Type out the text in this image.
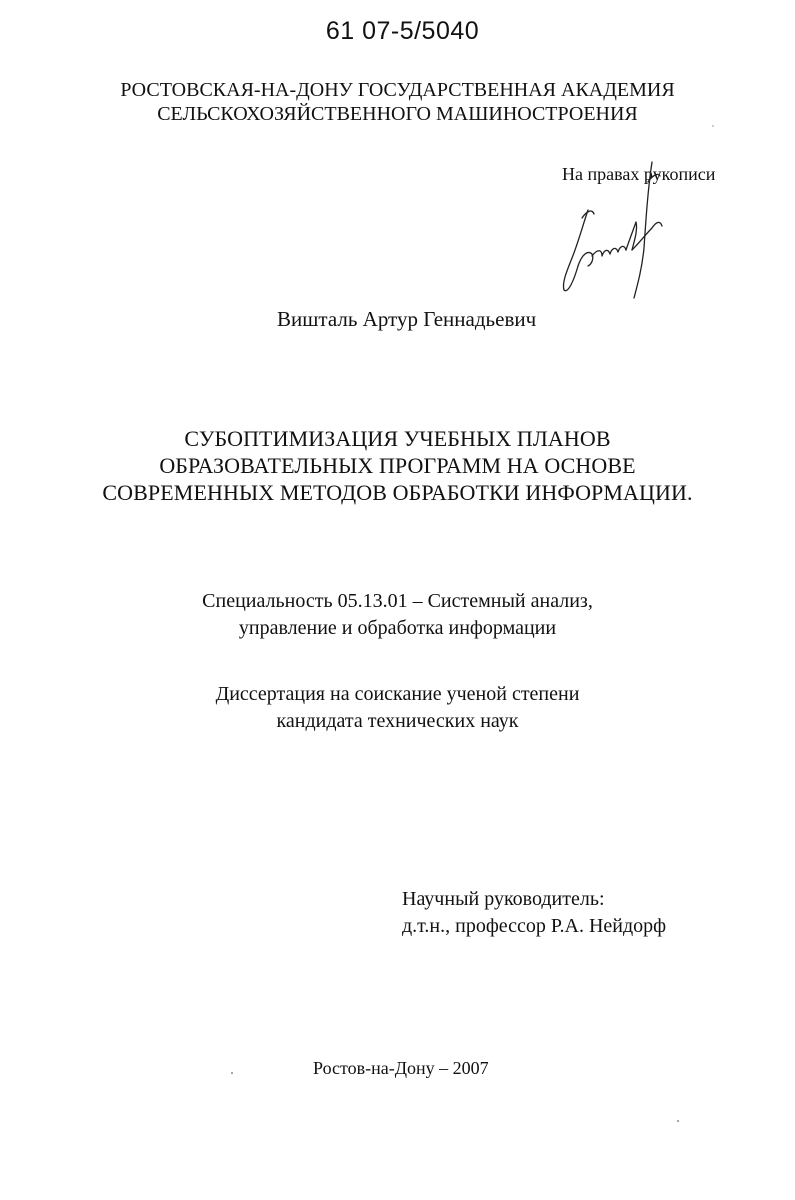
61 07-5/5040
РОСТОВСКАЯ-НА-ДОНУ ГОСУДАРСТВЕННАЯ АКАДЕМИЯ
СЕЛЬСКОХОЗЯЙСТВЕННОГО МАШИНОСТРОЕНИЯ
На правах рукописи
Вишталь Артур Геннадьевич
СУБОПТИМИЗАЦИЯ УЧЕБНЫХ ПЛАНОВ
ОБРАЗОВАТЕЛЬНЫХ ПРОГРАММ НА ОСНОВЕ
СОВРЕМЕННЫХ МЕТОДОВ ОБРАБОТКИ ИНФОРМАЦИИ.
Специальность 05.13.01 – Системный анализ,
управление и обработка информации
Диссертация на соискание ученой степени
кандидата технических наук
Научный руководитель:
д.т.н., профессор Р.А. Нейдорф
Ростов-на-Дону – 2007
